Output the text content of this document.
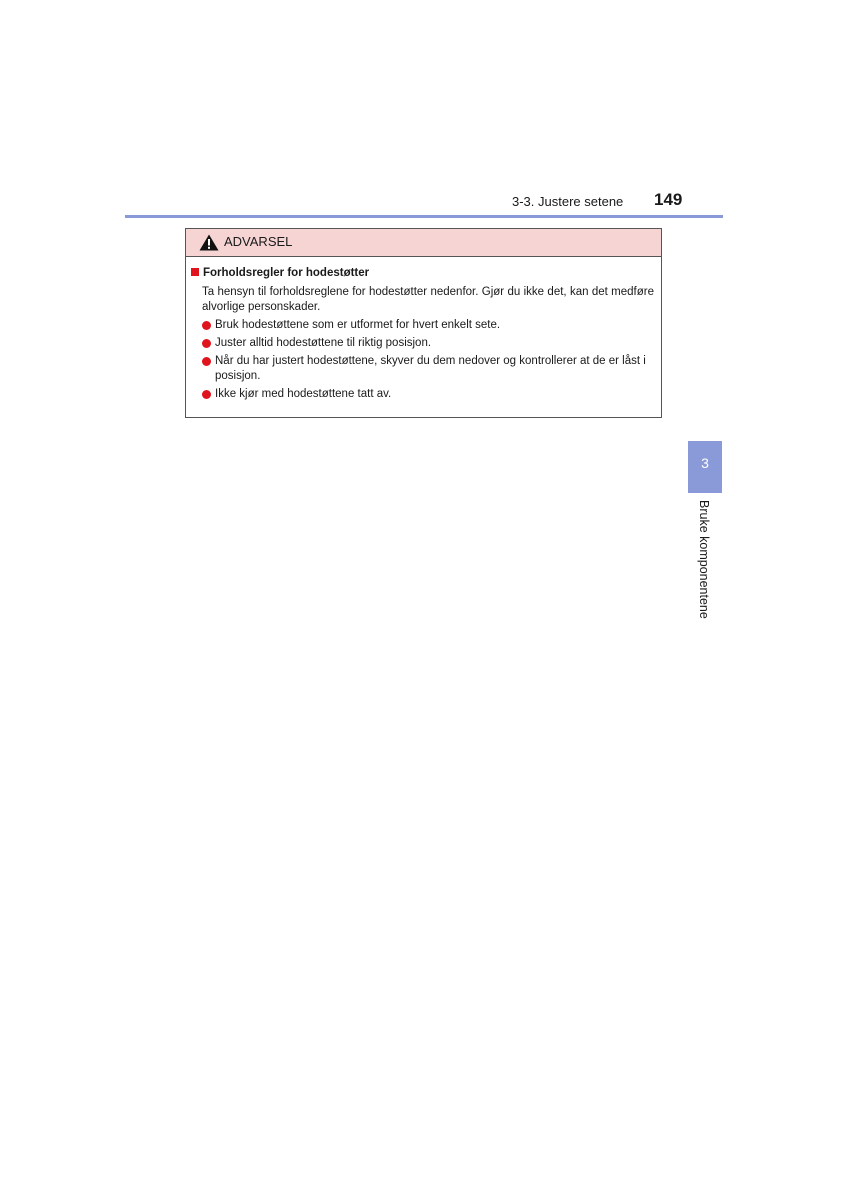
3-3. Justere setene 149
ADVARSEL
Forholdsregler for hodestøtter
Ta hensyn til forholdsreglene for hodestøtter nedenfor. Gjør du ikke det, kan det medføre alvorlige personskader.
Bruk hodestøttene som er utformet for hvert enkelt sete.
Juster alltid hodestøttene til riktig posisjon.
Når du har justert hodestøttene, skyver du dem nedover og kontrollerer at de er låst i posisjon.
Ikke kjør med hodestøttene tatt av.
3
Bruke komponentene
